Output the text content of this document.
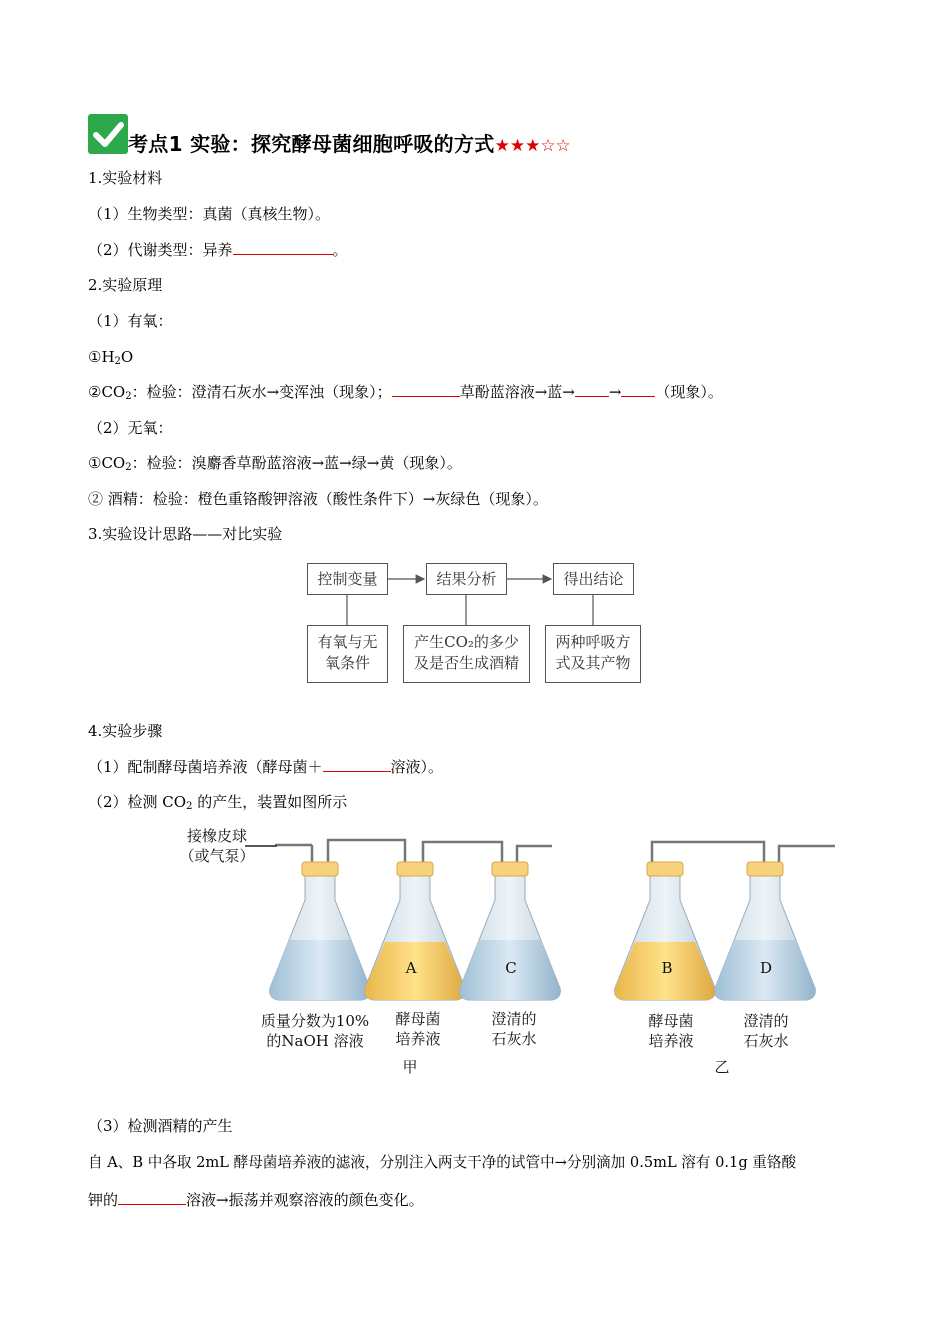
考点1 实验：探究酵母菌细胞呼吸的方式★★★☆☆
1.实验材料
（1）生物类型：真菌（真核生物）。
（2）代谢类型：异养	。
2.实验原理
（1）有氧：
$①H_2O$
$②CO_2$：检验：澄清石灰水→变浑浊（现象）；	草酚蓝溶液→蓝→ → （现象）。
（2）无氧：
$①CO_2$：检验：溴麝香草酚蓝溶液→蓝→绿→黄（现象）。
② 酒精：检验：橙色重铬酸钾溶液（酸性条件下）→灰绿色（现象）。
3.实验设计思路——对比实验
控制变量	结果分析	得出结论
有氧与无
氧条件
产生CO₂的多少
及是否生成酒精
两种呼吸方
式及其产物
4.实验步骤
（1）配制酵母菌培养液（酵母菌＋	溶液）。
（2）检测 $CO_2$ 的产生，装置如图所示
接橡皮球
（或气泵）
A	C	B	D
质量分数为10%
的NaOH 溶液
酵母菌
培养液
澄清的
石灰水
酵母菌
培养液
澄清的
石灰水
甲	乙
（3）检测酒精的产生
自 A、B 中各取 2mL 酵母菌培养液的滤液，分别注入两支干净的试管中→分别滴加 0.5mL 溶有 0.1g 重铬酸
钾的	溶液→振荡并观察溶液的颜色变化。
